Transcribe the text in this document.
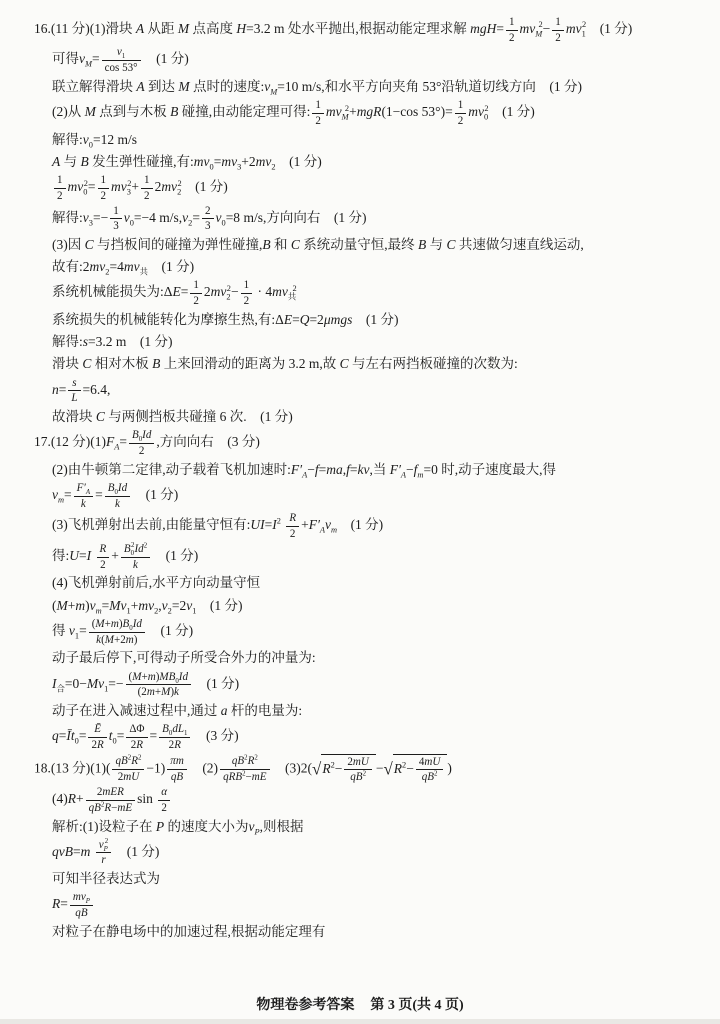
16.(11 分)(1)滑块 A 从距 M 点高度 H=3.2 m 处水平抛出,根据动能定理求解 $mgH= \frac{1}{2} mv_M^2- \frac{1}{2} mv_1^2$ (1 分)
可得$v_M= \frac{v_1}{\cos 53^\circ}$  (1 分)
联立解得滑块 A 到达 M 点时的速度$:v_M=10$ m/s,和水平方向夹角 53°沿轨道切线方向 (1 分)
(2)从 M 点到与木板 B 碰撞,由动能定理可得: $\frac{1}{2} mv_M^2+mgR(1-\cos$ $53^\circ)= \frac{1}{2} mv_0^2$ (1 分)
解得$:v_0=12$ m/s
A 与 B 发生弹性碰撞,有$:mv_0=mv_3+2mv_2$ (1 分)
$\frac{1}{2} mv_0^2= \frac{1}{2} mv_3^2+ \frac{1}{2} 2mv_2^2$ (1 分)
解得$:v_3=- \frac{1}{3} v_0=-4$ $m/s,v_2= \frac{2}{3} v_0=8$ m/s,方向向右 (1 分)
(3)因 C 与挡板间的碰撞为弹性碰撞,B 和 C 系统动量守恒,最终 B 与 C 共速做匀速直线运动,
故有$:2mv_2=4mv_共$ (1 分)
系统机械能损失为:ΔE= $\frac{1}{2} 2mv_2^2- \frac{1}{2} \cdot 4mv_共^2$
系统损失的机械能转化为摩擦生热,有:ΔE=Q=2μmgs (1 分)
解得:s=3.2 m (1 分)
滑块 C 相对木板 B 上来回滑动的距离为 3.2 m,故 C 与左右两挡板碰撞的次数为:
$n= \frac{s}{L} =6.4$,
故滑块 C 与两侧挡板共碰撞 6 次. (1 分)
17.(12 分)$(1)F_A= \frac{B_0Id}{2}$ ,方向向右 (3 分)
(2)由牛顿第二定律,动子载着飞机加速时$:F'_A-f=ma,f=kv$,当 $F'_A-f_m=0$ 时,动子速度最大,得
$v_m= \frac{F'_A}{k} = \frac{B_0Id}{k}$  (1 分)
(3)飞机弹射出去前,由能量守恒有$:UI=I^2 \frac{R}{2} +F'_Av_m$ (1 分)
得:U=I $\frac{R}{2} + \frac{B_0^2Id^2}{k}$  (1 分)
(4)飞机弹射前后,水平方向动量守恒
$(M+m)v_m=Mv_1+mv_2,v_2=2v_1$ (1 分)
得 $v_1= \frac{(M+m)B_0Id}{k(M+2m)}$  (1 分)
动子最后停下,可得动子所受合外力的冲量为:
$I_合=0-Mv_1=- \frac{(M+m)MB_0Id}{(2m+M)k}$  (1 分)
动子在进入减速过程中,通过 a 杆的电量为:
$q=Īt_0= \frac{Ē}{2R} t_0= \frac{\Delta\Phi}{2R} = \frac{B_0dL_1}{2R}$  (3 分)
18.(13 分)$(1)( \frac{qB^2R^2}{2mU} -1) \frac{\pi m}{qB}$  $(2) \frac{qB^2R^2}{qRB^2-mE}$  $(3)2(√R^2- \frac{2mU}{qB^2} -√R^2- \frac{4mU}{qB^2}$ )
$(4)R+ \frac{\text{2mER}}{qB^2R-mE}$ $\sin \frac{\alpha}{2}$
解析:(1)设粒子在 P 的速度大小为$v_P$,则根据
$qvB=m \frac{v_P^2}{r}$  (1 分)
可知半径表达式为
$R= \frac{mv_P}{qB}$
对粒子在静电场中的加速过程,根据动能定理有
物理卷参考答案 第 3 页(共 4 页)
